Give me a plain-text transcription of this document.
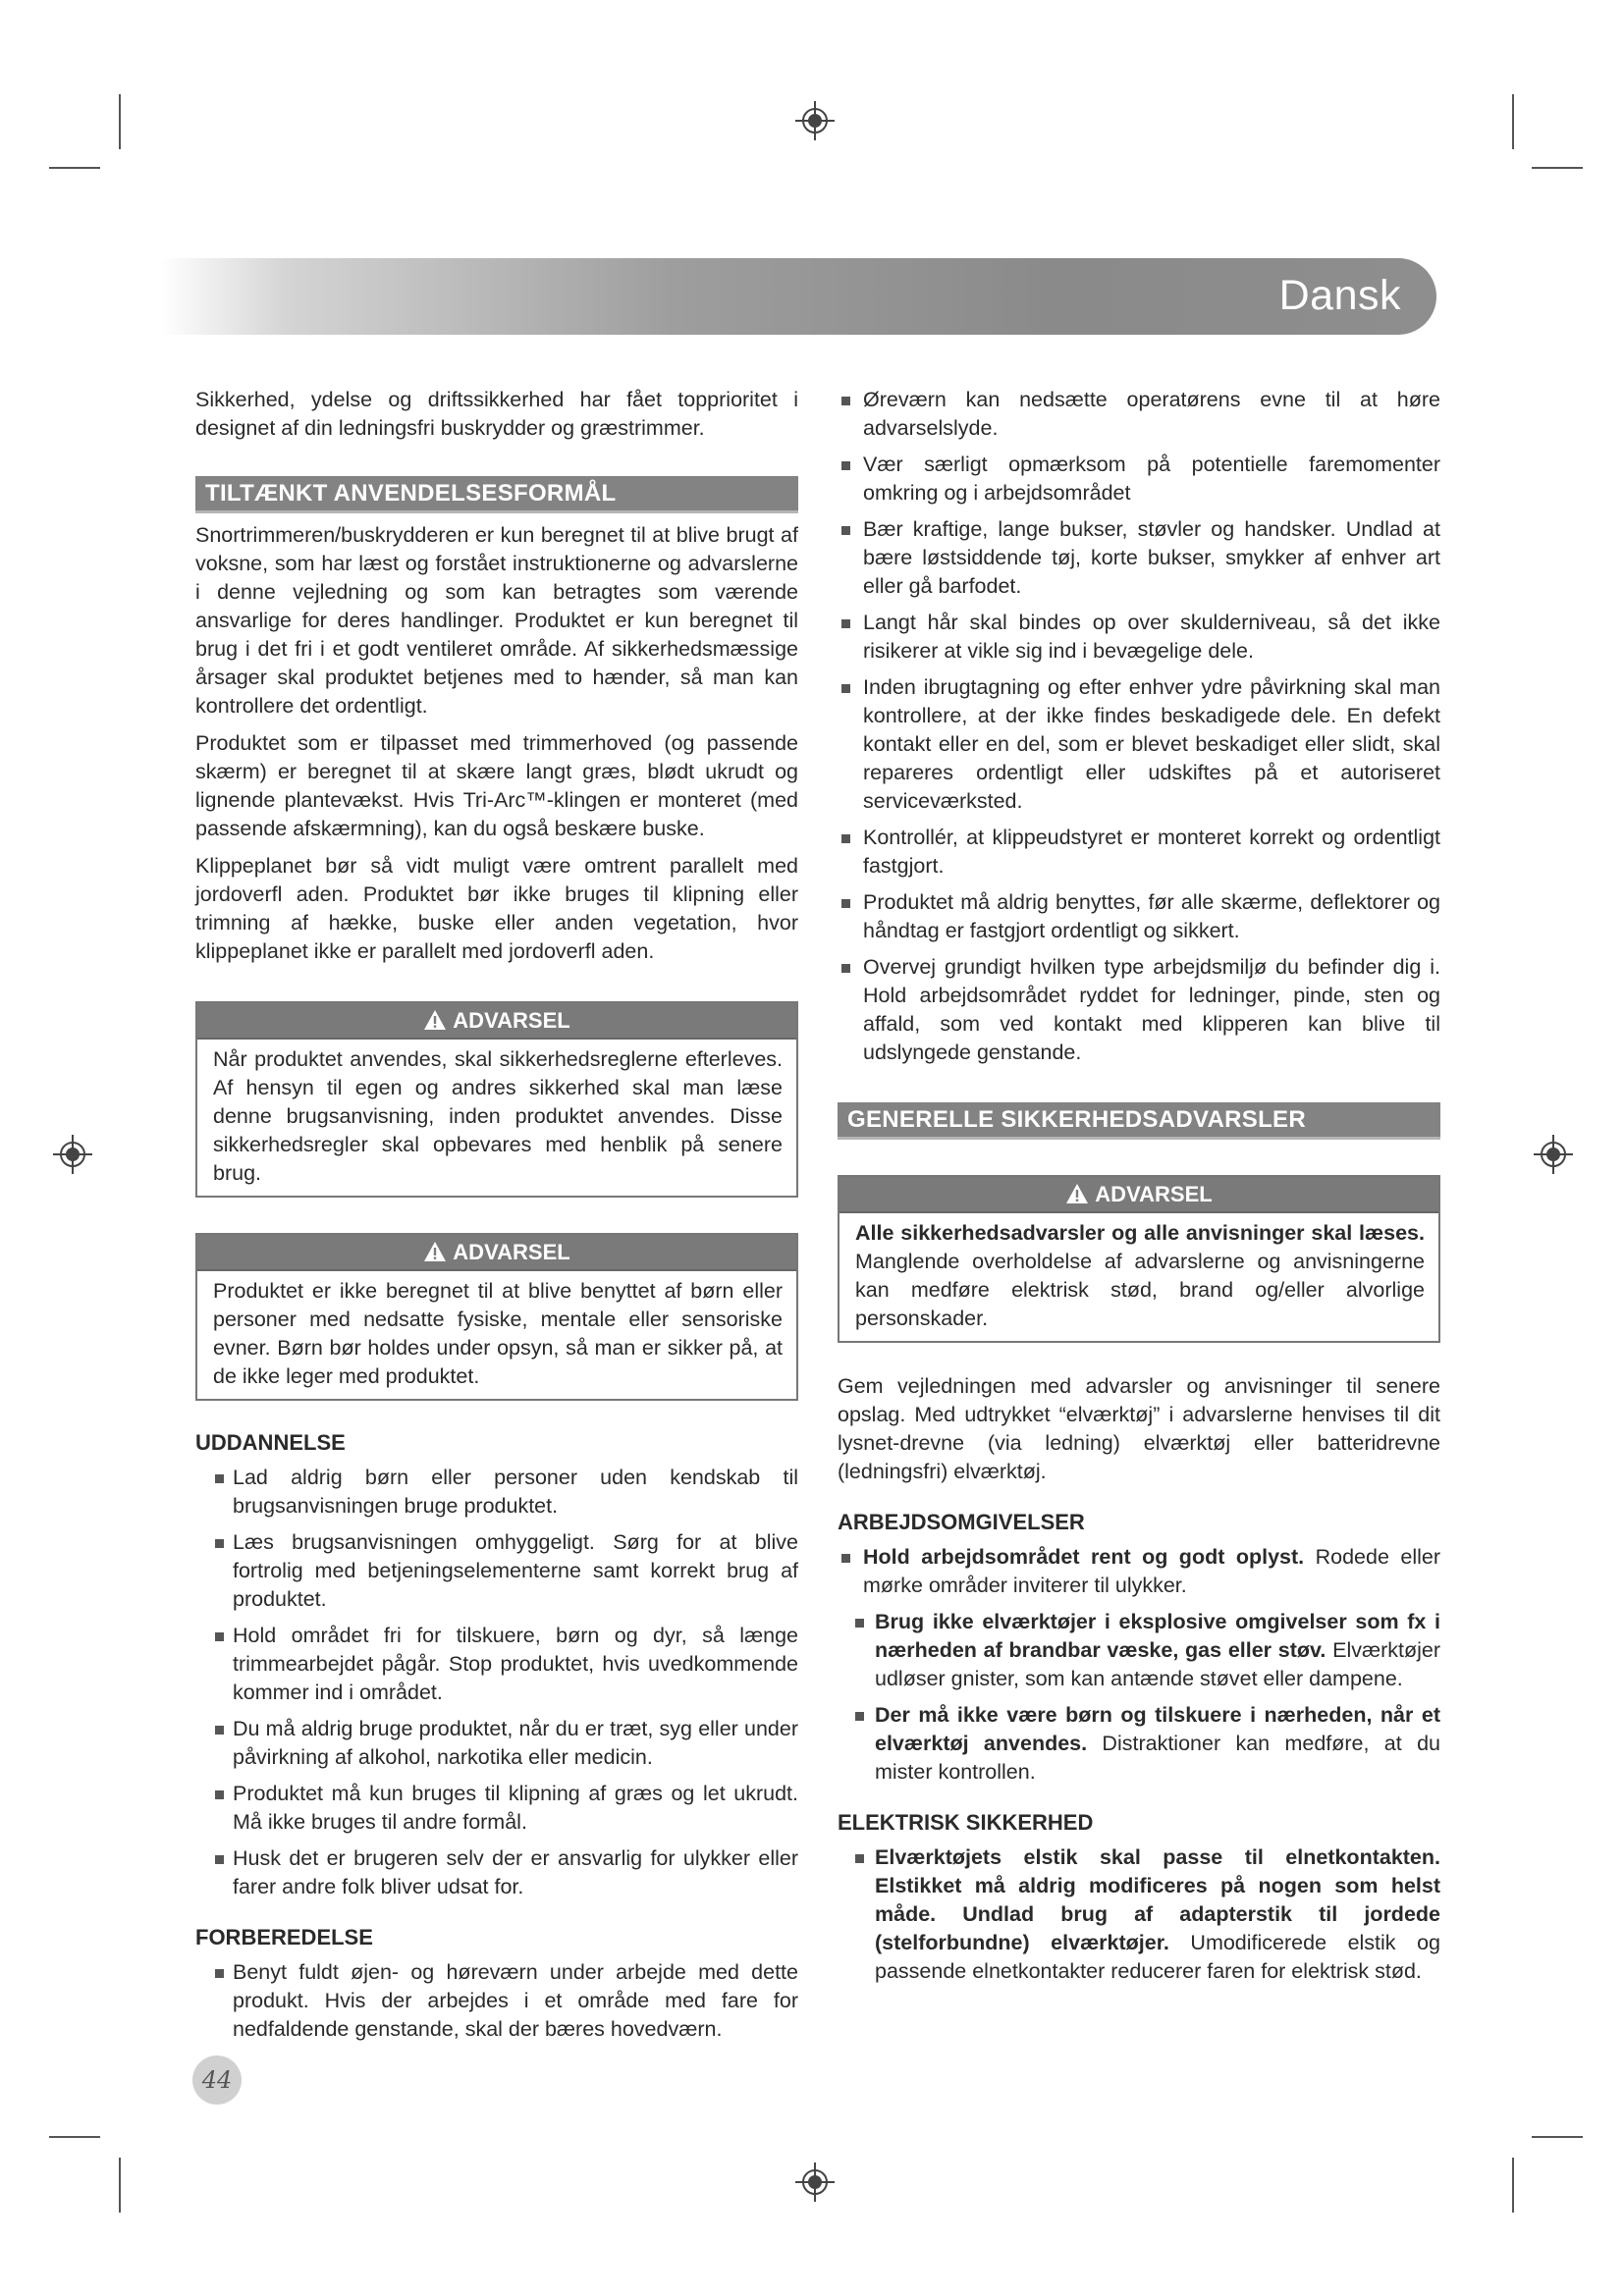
Dansk

Sikkerhed, ydelse og driftssikkerhed har fået topprioritet i designet af din ledningsfri buskrydder og græstrimmer.

TILTÆNKT ANVENDELSESFORMÅL

Snortrimmeren/buskrydderen er kun beregnet til at blive brugt af voksne, som har læst og forstået instruktionerne og advarslerne i denne vejledning og som kan betragtes som værende ansvarlige for deres handlinger. Produktet er kun beregnet til brug i det fri i et godt ventileret område. Af sikkerhedsmæssige årsager skal produktet betjenes med to hænder, så man kan kontrollere det ordentligt.

Produktet som er tilpasset med trimmerhoved (og passende skærm) er beregnet til at skære langt græs, blødt ukrudt og lignende plantevækst. Hvis Tri-Arc™-klingen er monteret (med passende afskærmning), kan du også beskære buske.

Klippeplanet bør så vidt muligt være omtrent parallelt med jordoverfl aden. Produktet bør ikke bruges til klipning eller trimning af hække, buske eller anden vegetation, hvor klippeplanet ikke er parallelt med jordoverfl aden.

ADVARSEL

Når produktet anvendes, skal sikkerhedsreglerne efterleves. Af hensyn til egen og andres sikkerhed skal man læse denne brugsanvisning, inden produktet anvendes. Disse sikkerhedsregler skal opbevares med henblik på senere brug.

ADVARSEL

Produktet er ikke beregnet til at blive benyttet af børn eller personer med nedsatte fysiske, mentale eller sensoriske evner. Børn bør holdes under opsyn, så man er sikker på, at de ikke leger med produktet.

UDDANNELSE
Lad aldrig børn eller personer uden kendskab til brugsanvisningen bruge produktet.
Læs brugsanvisningen omhyggeligt. Sørg for at blive fortrolig med betjeningselementerne samt korrekt brug af produktet.
Hold området fri for tilskuere, børn og dyr, så længe trimmearbejdet pågår. Stop produktet, hvis uvedkommende kommer ind i området.
Du må aldrig bruge produktet, når du er træt, syg eller under påvirkning af alkohol, narkotika eller medicin.
Produktet må kun bruges til klipning af græs og let ukrudt. Må ikke bruges til andre formål.
Husk det er brugeren selv der er ansvarlig for ulykker eller farer andre folk bliver udsat for.
FORBEREDELSE
Benyt fuldt øjen- og høreværn under arbejde med dette produkt. Hvis der arbejdes i et område med fare for nedfaldende genstande, skal der bæres hovedværn.
Øreværn kan nedsætte operatørens evne til at høre advarselslyde.
Vær særligt opmærksom på potentielle faremomenter omkring og i arbejdsområdet
Bær kraftige, lange bukser, støvler og handsker. Undlad at bære løstsiddende tøj, korte bukser, smykker af enhver art eller gå barfodet.
Langt hår skal bindes op over skulderniveau, så det ikke risikerer at vikle sig ind i bevægelige dele.
Inden ibrugtagning og efter enhver ydre påvirkning skal man kontrollere, at der ikke findes beskadigede dele. En defekt kontakt eller en del, som er blevet beskadiget eller slidt, skal repareres ordentligt eller udskiftes på et autoriseret serviceværksted.
Kontrollér, at klippeudstyret er monteret korrekt og ordentligt fastgjort.
Produktet må aldrig benyttes, før alle skærme, deflektorer og håndtag er fastgjort ordentligt og sikkert.
Overvej grundigt hvilken type arbejdsmiljø du befinder dig i. Hold arbejdsområdet ryddet for ledninger, pinde, sten og affald, som ved kontakt med klipperen kan blive til udslyngede genstande.
GENERELLE SIKKERHEDSADVARSLER
ADVARSEL

Alle sikkerhedsadvarsler og alle anvisninger skal læses. Manglende overholdelse af advarslerne og anvisningerne kan medføre elektrisk stød, brand og/eller alvorlige personskader.

Gem vejledningen med advarsler og anvisninger til senere opslag. Med udtrykket “elværktøj” i advarslerne henvises til dit lysnet-drevne (via ledning) elværktøj eller batteridrevne (ledningsfri) elværktøj.

ARBEJDSOMGIVELSER
Hold arbejdsområdet rent og godt oplyst. Rodede eller mørke områder inviterer til ulykker.
Brug ikke elværktøjer i eksplosive omgivelser som fx i nærheden af brandbar væske, gas eller støv. Elværktøjer udløser gnister, som kan antænde støvet eller dampene.
Der må ikke være børn og tilskuere i nærheden, når et elværktøj anvendes. Distraktioner kan medføre, at du mister kontrollen.
ELEKTRISK SIKKERHED
Elværktøjets elstik skal passe til elnetkontakten. Elstikket må aldrig modificeres på nogen som helst måde. Undlad brug af adapterstik til jordede (stelforbundne) elværktøjer. Umodificerede elstik og passende elnetkontakter reducerer faren for elektrisk stød.
44
